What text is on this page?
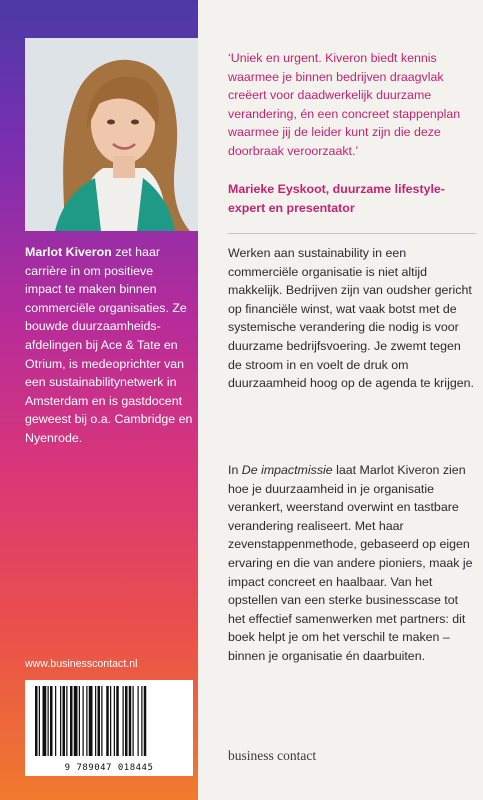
Marlot Kiveron zet haar carrière in om positieve impact te maken binnen commerciële organisaties. Ze bouwde duurzaamheidsafdelingen bij Ace & Tate en Otrium, is medeoprichter van een sustainabilitynetwerk in Amsterdam en is gastdocent geweest bij o.a. Cambridge en Nyenrode.
www.businesscontact.nl
9 789047 018445
‘Uniek en urgent. Kiveron biedt kennis waarmee je binnen bedrijven draagvlak creëert voor daadwerkelijk duurzame verandering, én een concreet stappenplan waarmee jij de leider kunt zijn die deze doorbraak veroorzaakt.’
Marieke Eyskoot, duurzame lifestyle-expert en presentator
Werken aan sustainability in een commerciële organisatie is niet altijd makkelijk. Bedrijven zijn van oudsher gericht op financiële winst, wat vaak botst met de systemische verandering die nodig is voor duurzame bedrijfsvoering. Je zwemt tegen de stroom in en voelt de druk om duurzaamheid hoog op de agenda te krijgen.
In De impactmissie laat Marlot Kiveron zien hoe je duurzaamheid in je organisatie verankert, weerstand overwint en tastbare verandering realiseert. Met haar zevenstappenmethode, gebaseerd op eigen ervaring en die van andere pioniers, maak je impact concreet en haalbaar. Van het opstellen van een sterke businesscase tot het effectief samenwerken met partners: dit boek helpt je om het verschil te maken – binnen je organisatie én daarbuiten.
business contact
